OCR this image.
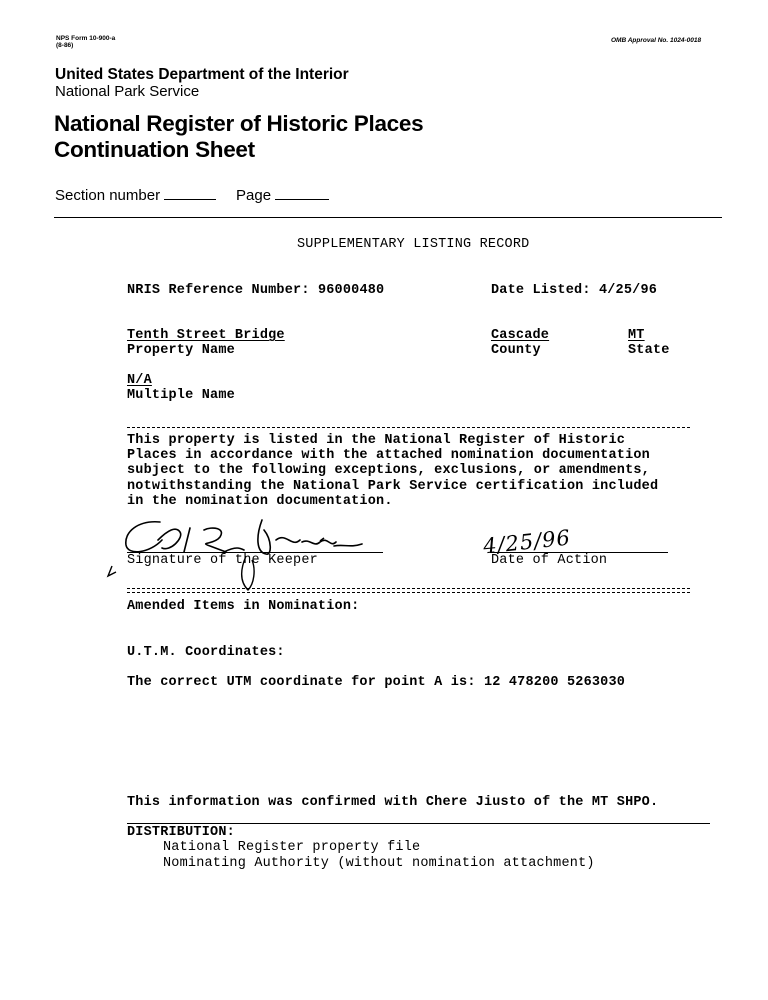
NPS Form 10-900-a
(8-86)
OMB Approval No. 1024-0018
United States Department of the Interior
National Park Service
National Register of Historic Places
Continuation Sheet
Section number	Page
SUPPLEMENTARY LISTING RECORD
NRIS Reference Number: 96000480	Date Listed: 4/25/96
Tenth Street Bridge
Property Name
Cascade
County
MT
State
N/A
Multiple Name
This property is listed in the National Register of Historic
Places in accordance with the attached nomination documentation
subject to the following exceptions, exclusions, or amendments,
notwithstanding the National Park Service certification included
in the nomination documentation.
Signature of the Keeper
4/25/96
Date of Action
Amended Items in Nomination:
U.T.M. Coordinates:
The correct UTM coordinate for point A is: 12 478200 5263030
This information was confirmed with Chere Jiusto of the MT SHPO.
DISTRIBUTION:
National Register property file
Nominating Authority (without nomination attachment)
